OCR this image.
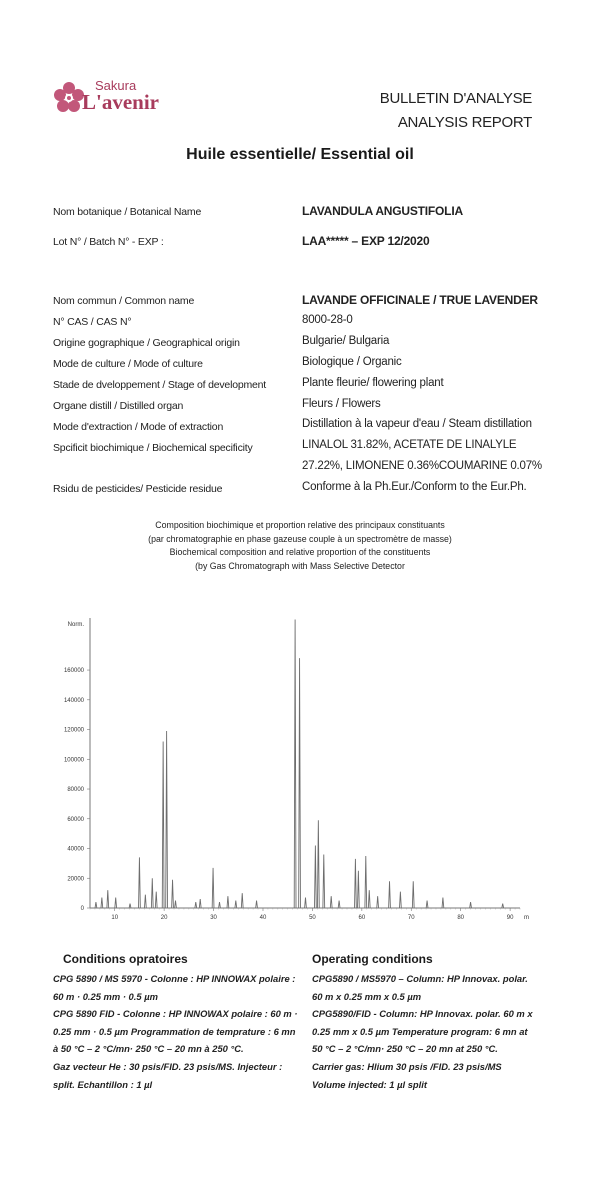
Sakura
L'avenir	BULLETIN D'ANALYSE
ANALYSIS REPORT
Huile essentielle/ Essential oil
Nom botanique / Botanical Name	LAVANDULA ANGUSTIFOLIA
Lot N° / Batch N° - EXP :	LAA***** – EXP 12/2020
Nom commun / Common name	LAVANDE OFFICINALE / TRUE LAVENDER
N° CAS / CAS N°	8000-28-0
Origine gographique / Geographical origin	Bulgarie/ Bulgaria
Mode de culture / Mode of culture	Biologique / Organic
Stade de dveloppement / Stage of development	Plante fleurie/ flowering plant
Organe distill / Distilled organ	Fleurs / Flowers
Mode d'extraction / Mode of extraction	Distillation à la vapeur d'eau / Steam distillation
Spcificit biochimique / Biochemical specificity	LINALOL 31.82%, ACETATE DE LINALYLE
27.22%, LIMONENE 0.36%COUMARINE 0.07%
Rsidu de pesticides/ Pesticide residue	Conforme à la Ph.Eur./Conform to the Eur.Ph.
Composition biochimique et proportion relative des principaux constituants
(par chromatographie en phase gazeuse couple à un spectromètre de masse)
Biochemical composition and relative proportion of the constituents
(by Gas Chromatograph with Mass Selective Detector
Norm.
0
20000
40000
60000
80000
100000
120000
140000
160000
10	20	30	40	50	60	70	80	90 m
Conditions opratoires	Operating conditions
CPG 5890 / MS 5970 - Colonne : HP INNOWAX polaire :
60 m · 0.25 mm · 0.5 µm
CPG 5890 FID - Colonne : HP INNOWAX polaire : 60 m ·
0.25 mm · 0.5 µm Programmation de temprature : 6 mn
à 50 °C – 2 °C/mn· 250 °C – 20 mn à 250 °C.
Gaz vecteur He : 30 psis/FID. 23 psis/MS. Injecteur :
split. Echantillon : 1 µl
CPG5890 / MS5970 – Column: HP Innovax. polar.
60 m x 0.25 mm x 0.5 µm
CPG5890/FID - Column: HP Innovax. polar. 60 m x
0.25 mm x 0.5 µm Temperature program: 6 mn at
50 °C – 2 °C/mn· 250 °C – 20 mn at 250 °C.
Carrier gas: Hlium 30 psis /FID. 23 psis/MS
Volume injected: 1 µl split
